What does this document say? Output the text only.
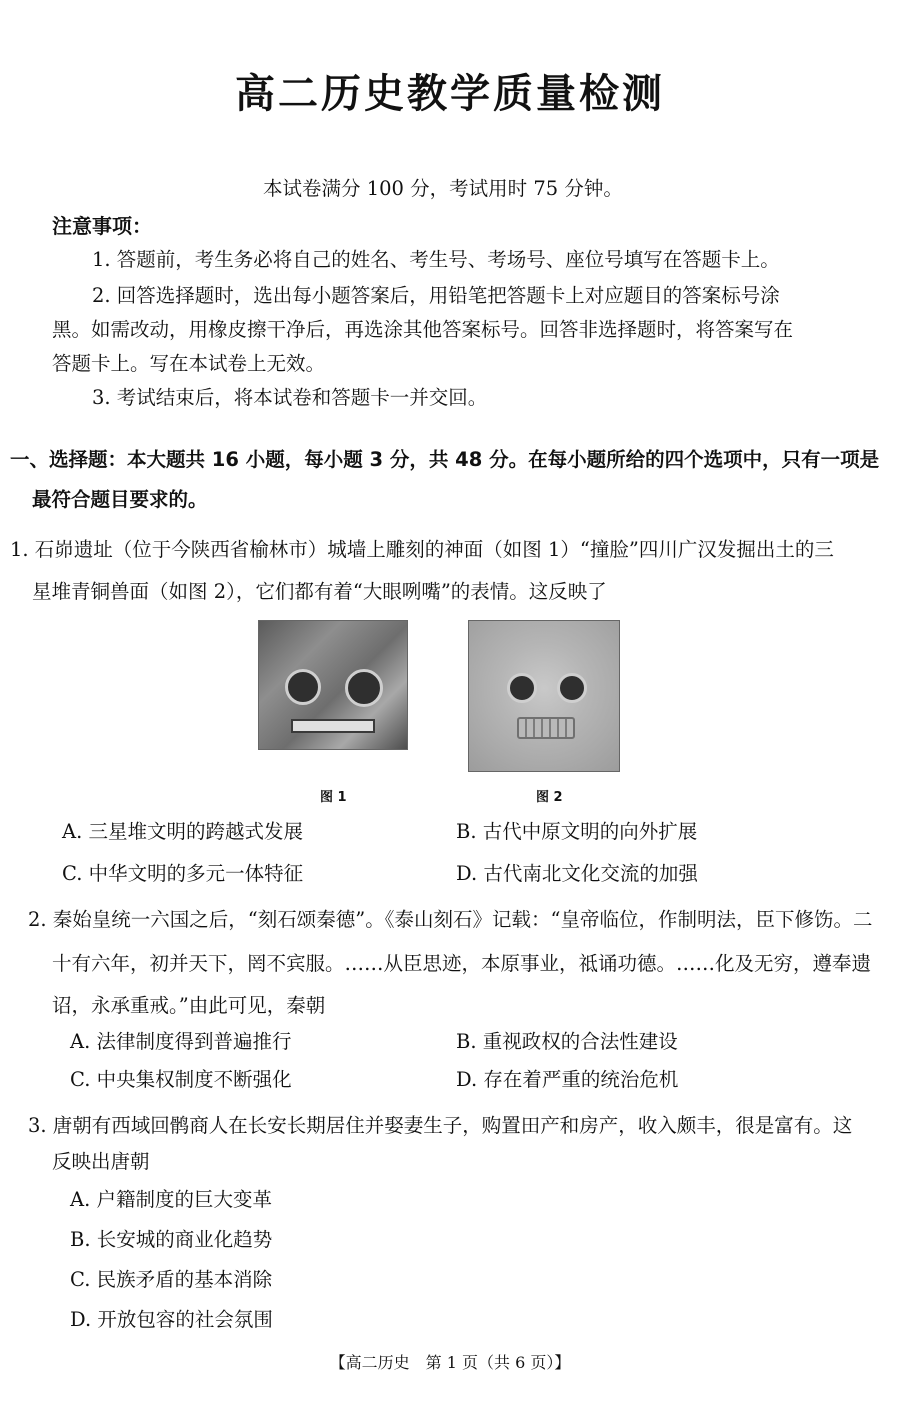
高二历史教学质量检测
本试卷满分 100 分，考试用时 75 分钟。
注意事项：
1. 答题前，考生务必将自己的姓名、考生号、考场号、座位号填写在答题卡上。
2. 回答选择题时，选出每小题答案后，用铅笔把答题卡上对应题目的答案标号涂
黑。如需改动，用橡皮擦干净后，再选涂其他答案标号。回答非选择题时，将答案写在
答题卡上。写在本试卷上无效。
3. 考试结束后，将本试卷和答题卡一并交回。
一、选择题：本大题共 16 小题，每小题 3 分，共 48 分。在每小题所给的四个选项中，只有一项是
最符合题目要求的。
1. 石峁遗址（位于今陕西省榆林市）城墙上雕刻的神面（如图 1）“撞脸”四川广汉发掘出土的三
星堆青铜兽面（如图 2），它们都有着“大眼咧嘴”的表情。这反映了
图 1	图 2
A. 三星堆文明的跨越式发展	B. 古代中原文明的向外扩展
C. 中华文明的多元一体特征	D. 古代南北文化交流的加强
2. 秦始皇统一六国之后，“刻石颂秦德”。《泰山刻石》记载：“皇帝临位，作制明法，臣下修饬。二
十有六年，初并天下，罔不宾服。……从臣思迹，本原事业，祗诵功德。……化及无穷，遵奉遗
诏，永承重戒。”由此可见，秦朝
A. 法律制度得到普遍推行	B. 重视政权的合法性建设
C. 中央集权制度不断强化	D. 存在着严重的统治危机
3. 唐朝有西域回鹘商人在长安长期居住并娶妻生子，购置田产和房产，收入颇丰，很是富有。这
反映出唐朝
A. 户籍制度的巨大变革
B. 长安城的商业化趋势
C. 民族矛盾的基本消除
D. 开放包容的社会氛围
【高二历史　第 1 页（共 6 页）】
